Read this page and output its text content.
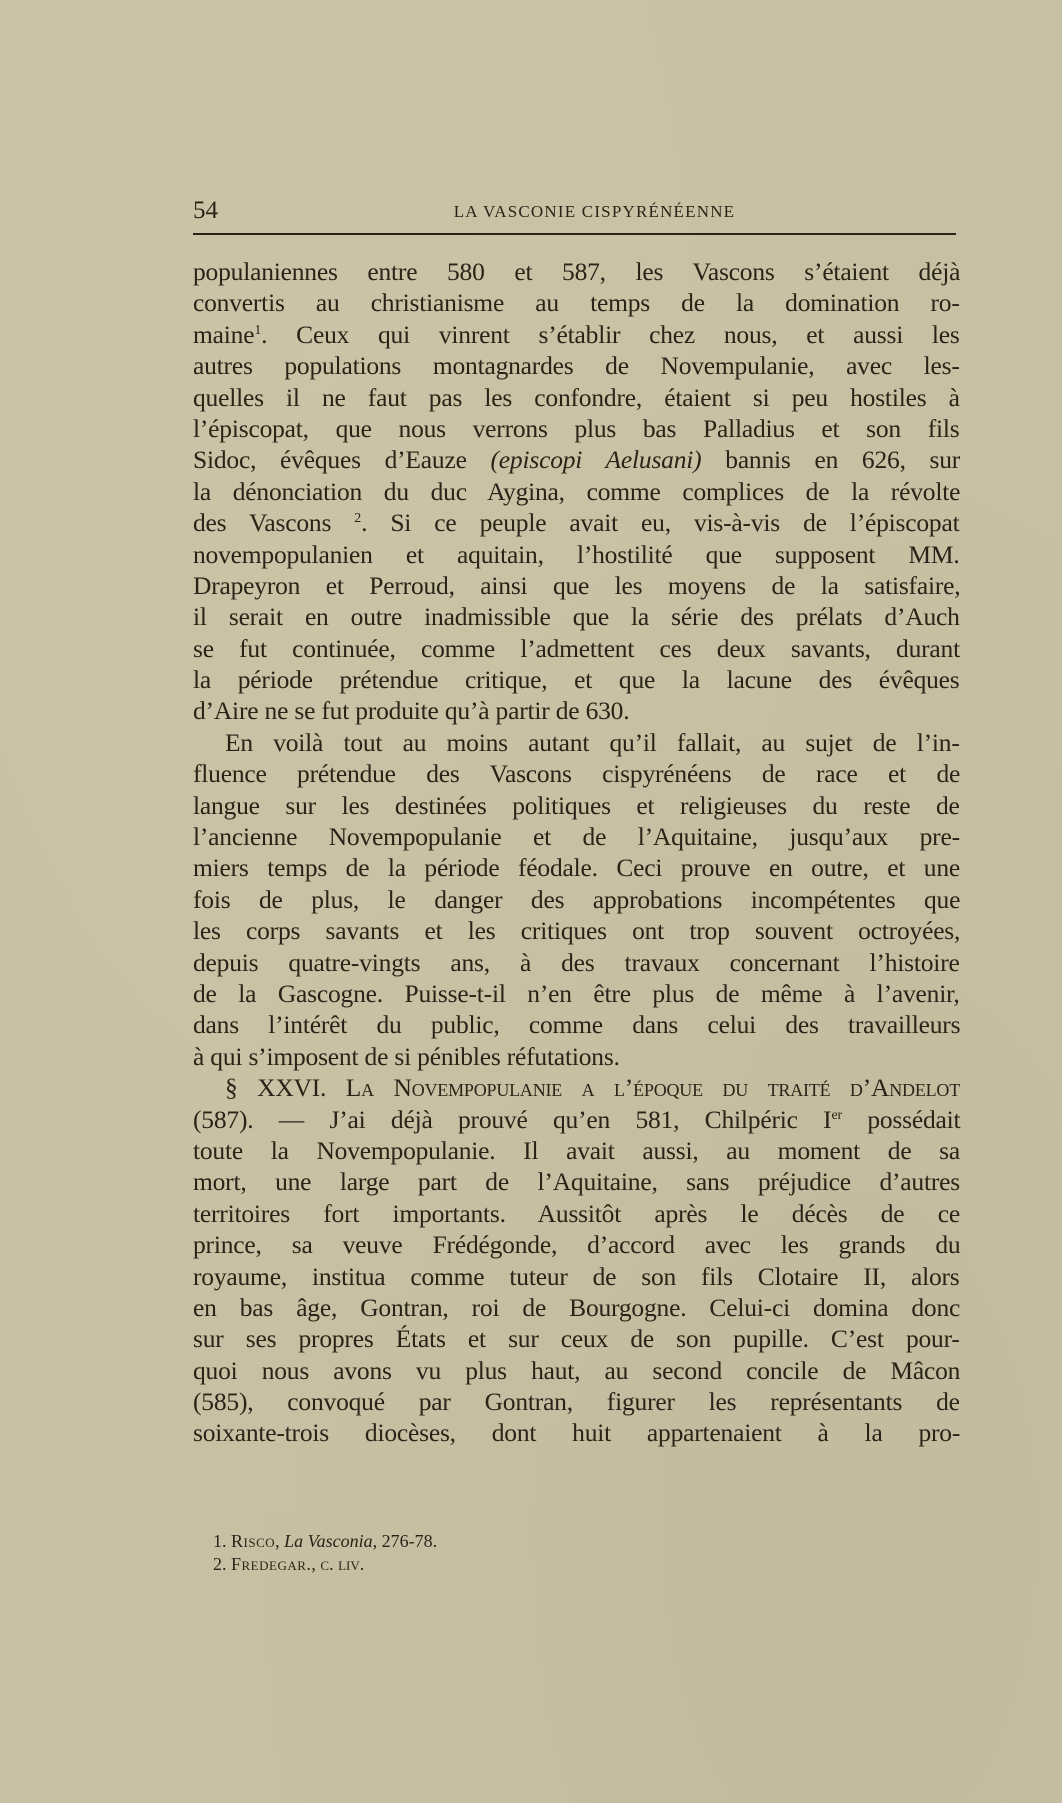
54	LA VASCONIE CISPYRÉNÉENNE
populaniennes entre 580 et 587, les Vascons s’étaient déjà
convertis au christianisme au temps de la domination ro-
maine$^1$. Ceux qui vinrent s’établir chez nous, et aussi les
autres populations montagnardes de Novempulanie, avec les-
quelles il ne faut pas les confondre, étaient si peu hostiles à
l’épiscopat, que nous verrons plus bas Palladius et son fils
Sidoc, évêques d’Eauze (episcopi Aelusani) bannis en 626, sur
la dénonciation du duc Aygina, comme complices de la révolte
des Vascons $^2$. Si ce peuple avait eu, vis-à-vis de l’épiscopat
novempopulanien et aquitain, l’hostilité que supposent MM.
Drapeyron et Perroud, ainsi que les moyens de la satisfaire,
il serait en outre inadmissible que la série des prélats d’Auch
se fut continuée, comme l’admettent ces deux savants, durant
la période prétendue critique, et que la lacune des évêques
d’Aire ne se fut produite qu’à partir de 630.
En voilà tout au moins autant qu’il fallait, au sujet de l’in-
fluence prétendue des Vascons cispyrénéens de race et de
langue sur les destinées politiques et religieuses du reste de
l’ancienne Novempopulanie et de l’Aquitaine, jusqu’aux pre-
miers temps de la période féodale. Ceci prouve en outre, et une
fois de plus, le danger des approbations incompétentes que
les corps savants et les critiques ont trop souvent octroyées,
depuis quatre-vingts ans, à des travaux concernant l’histoire
de la Gascogne. Puisse-t-il n’en être plus de même à l’avenir,
dans l’intérêt du public, comme dans celui des travailleurs
à qui s’imposent de si pénibles réfutations.
§ XXVI. La Novempopulanie a l’époque du traité d’Andelot
(587). — J’ai déjà prouvé qu’en 581, Chilpéric Ier possédait
toute la Novempopulanie. Il avait aussi, au moment de sa
mort, une large part de l’Aquitaine, sans préjudice d’autres
territoires fort importants. Aussitôt après le décès de ce
prince, sa veuve Frédégonde, d’accord avec les grands du
royaume, institua comme tuteur de son fils Clotaire II, alors
en bas âge, Gontran, roi de Bourgogne. Celui-ci domina donc
sur ses propres États et sur ceux de son pupille. C’est pour-
quoi nous avons vu plus haut, au second concile de Mâcon
(585), convoqué par Gontran, figurer les représentants de
soixante-trois diocèses, dont huit appartenaient à la pro-
1. Risco, La Vasconia, 276-78.
2. Fredegar., c. liv.
